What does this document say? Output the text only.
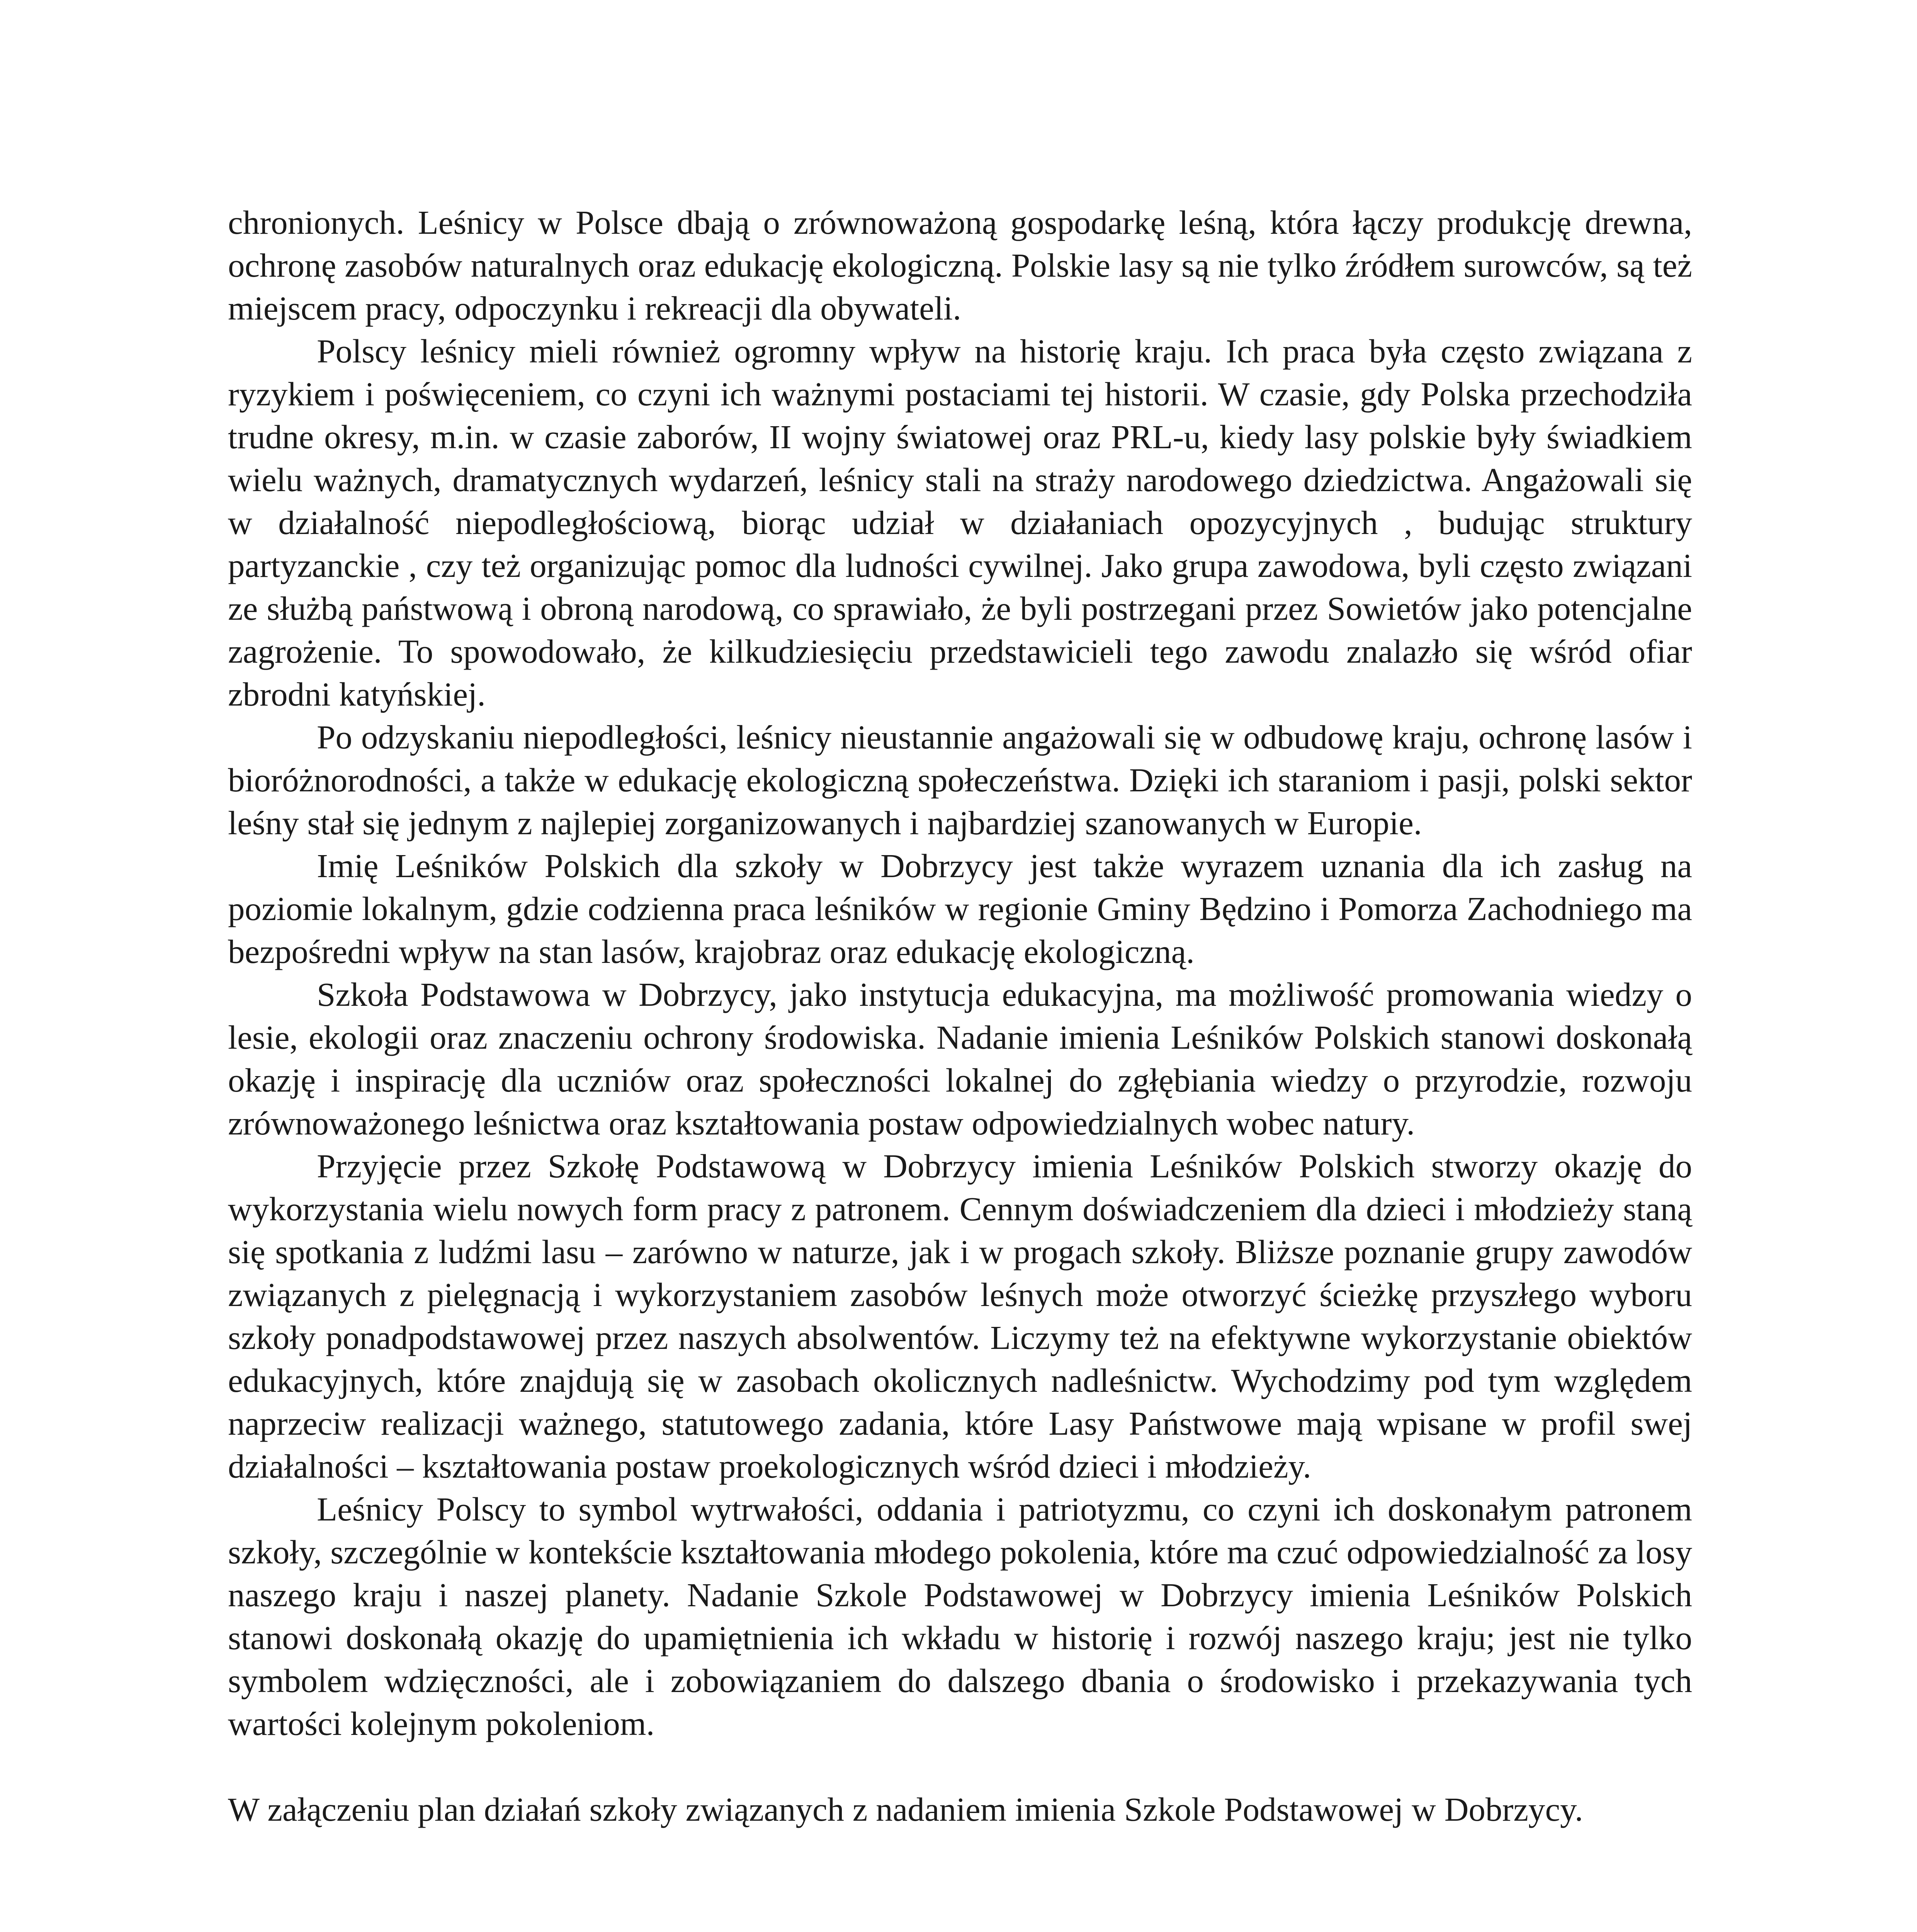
chronionych. Leśnicy w Polsce dbają o zrównoważoną gospodarkę leśną, która łączy produkcję drewna, ochronę zasobów naturalnych oraz edukację ekologiczną. Polskie lasy są nie tylko źródłem surowców, są też miejscem pracy, odpoczynku i rekreacji dla obywateli.

Polscy leśnicy mieli również ogromny wpływ na historię kraju. Ich praca była często związana z ryzykiem i poświęceniem, co czyni ich ważnymi postaciami tej historii. W czasie, gdy Polska przechodziła trudne okresy, m.in. w czasie zaborów, II wojny światowej oraz PRL-u, kiedy lasy polskie były świadkiem wielu ważnych, dramatycznych wydarzeń, leśnicy stali na straży narodowego dziedzictwa. Angażowali się w działalność niepodległościową, biorąc udział w działaniach opozycyjnych , budując struktury partyzanckie , czy też organizując pomoc dla ludności cywilnej. Jako grupa zawodowa, byli często związani ze służbą państwową i obroną narodową, co sprawiało, że byli postrzegani przez Sowietów jako potencjalne zagrożenie. To spowodowało, że kilkudziesięciu przedstawicieli tego zawodu znalazło się wśród ofiar zbrodni katyńskiej.

Po odzyskaniu niepodległości, leśnicy nieustannie angażowali się w odbudowę kraju, ochronę lasów i bioróżnorodności, a także w edukację ekologiczną społeczeństwa. Dzięki ich staraniom i pasji, polski sektor leśny stał się jednym z najlepiej zorganizowanych i najbardziej szanowanych w Europie.

Imię Leśników Polskich dla szkoły w Dobrzycy jest także wyrazem uznania dla ich zasług na poziomie lokalnym, gdzie codzienna praca leśników w regionie Gminy Będzino i Pomorza Zachodniego ma bezpośredni wpływ na stan lasów, krajobraz oraz edukację ekologiczną.

Szkoła Podstawowa w Dobrzycy, jako instytucja edukacyjna, ma możliwość promowania wiedzy o lesie, ekologii oraz znaczeniu ochrony środowiska. Nadanie imienia Leśników Polskich stanowi doskonałą okazję i inspirację dla uczniów oraz społeczności lokalnej do zgłębiania wiedzy o przyrodzie, rozwoju zrównoważonego leśnictwa oraz kształtowania postaw odpowiedzialnych wobec natury.

Przyjęcie przez Szkołę Podstawową w Dobrzycy imienia Leśników Polskich stworzy okazję do wykorzystania wielu nowych form pracy z patronem. Cennym doświadczeniem dla dzieci i młodzieży staną się spotkania z ludźmi lasu – zarówno w naturze, jak i w progach szkoły. Bliższe poznanie grupy zawodów związanych z pielęgnacją i wykorzystaniem zasobów leśnych może otworzyć ścieżkę przyszłego wyboru szkoły ponadpodstawowej przez naszych absolwentów. Liczymy też na efektywne wykorzystanie obiektów edukacyjnych, które znajdują się w zasobach okolicznych nadleśnictw. Wychodzimy pod tym względem naprzeciw realizacji ważnego, statutowego zadania, które Lasy Państwowe mają wpisane w profil swej działalności – kształtowania postaw proekologicznych wśród dzieci i młodzieży.

Leśnicy Polscy to symbol wytrwałości, oddania i patriotyzmu, co czyni ich doskonałym patronem szkoły, szczególnie w kontekście kształtowania młodego pokolenia, które ma czuć odpowiedzialność za losy naszego kraju i naszej planety. Nadanie Szkole Podstawowej w Dobrzycy imienia Leśników Polskich stanowi doskonałą okazję do upamiętnienia ich wkładu w historię i rozwój naszego kraju; jest nie tylko symbolem wdzięczności, ale i zobowiązaniem do dalszego dbania o środowisko i przekazywania tych wartości kolejnym pokoleniom.

W załączeniu plan działań szkoły związanych z nadaniem imienia Szkole Podstawowej w Dobrzycy.
